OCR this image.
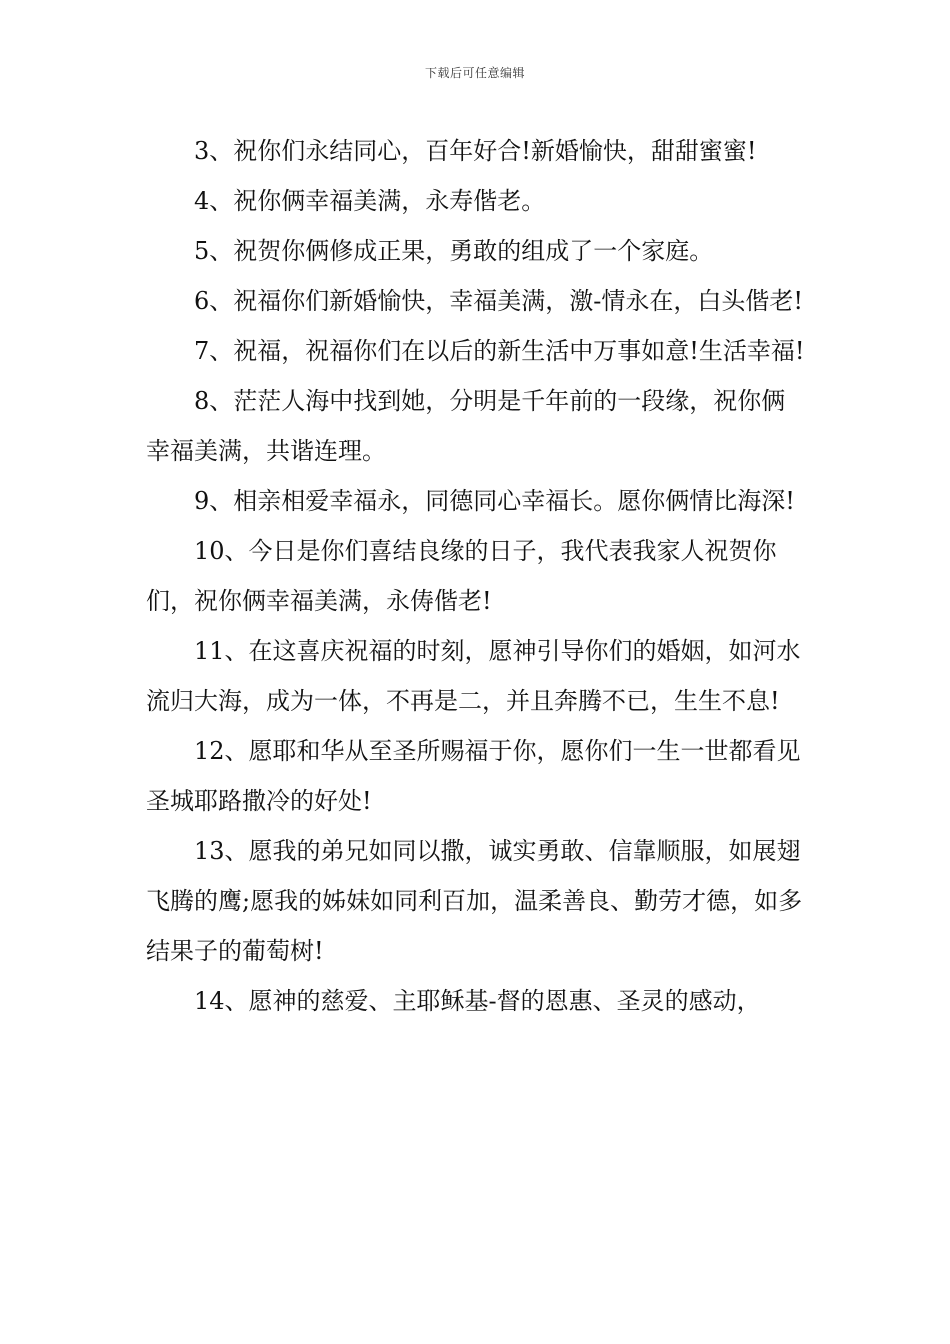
下载后可任意编辑

3、祝你们永结同心，百年好合!新婚愉快，甜甜蜜蜜!

4、祝你俩幸福美满，永寿偕老。

5、祝贺你俩修成正果，勇敢的组成了一个家庭。

6、祝福你们新婚愉快，幸福美满，激-情永在，白头偕老!

7、祝福，祝福你们在以后的新生活中万事如意!生活幸福!

8、茫茫人海中找到她，分明是千年前的一段缘，祝你俩幸福美满，共谐连理。

9、相亲相爱幸福永，同德同心幸福长。愿你俩情比海深!

10、今日是你们喜结良缘的日子，我代表我家人祝贺你们，祝你俩幸福美满，永俦偕老!

11、在这喜庆祝福的时刻，愿神引导你们的婚姻，如河水流归大海，成为一体，不再是二，并且奔腾不已，生生不息!

12、愿耶和华从至圣所赐福于你，愿你们一生一世都看见圣城耶路撒冷的好处!

13、愿我的弟兄如同以撒，诚实勇敢、信靠顺服，如展翅飞腾的鹰;愿我的姊妹如同利百加，温柔善良、勤劳才德，如多结果子的葡萄树!

14、愿神的慈爱、主耶稣基-督的恩惠、圣灵的感动，
